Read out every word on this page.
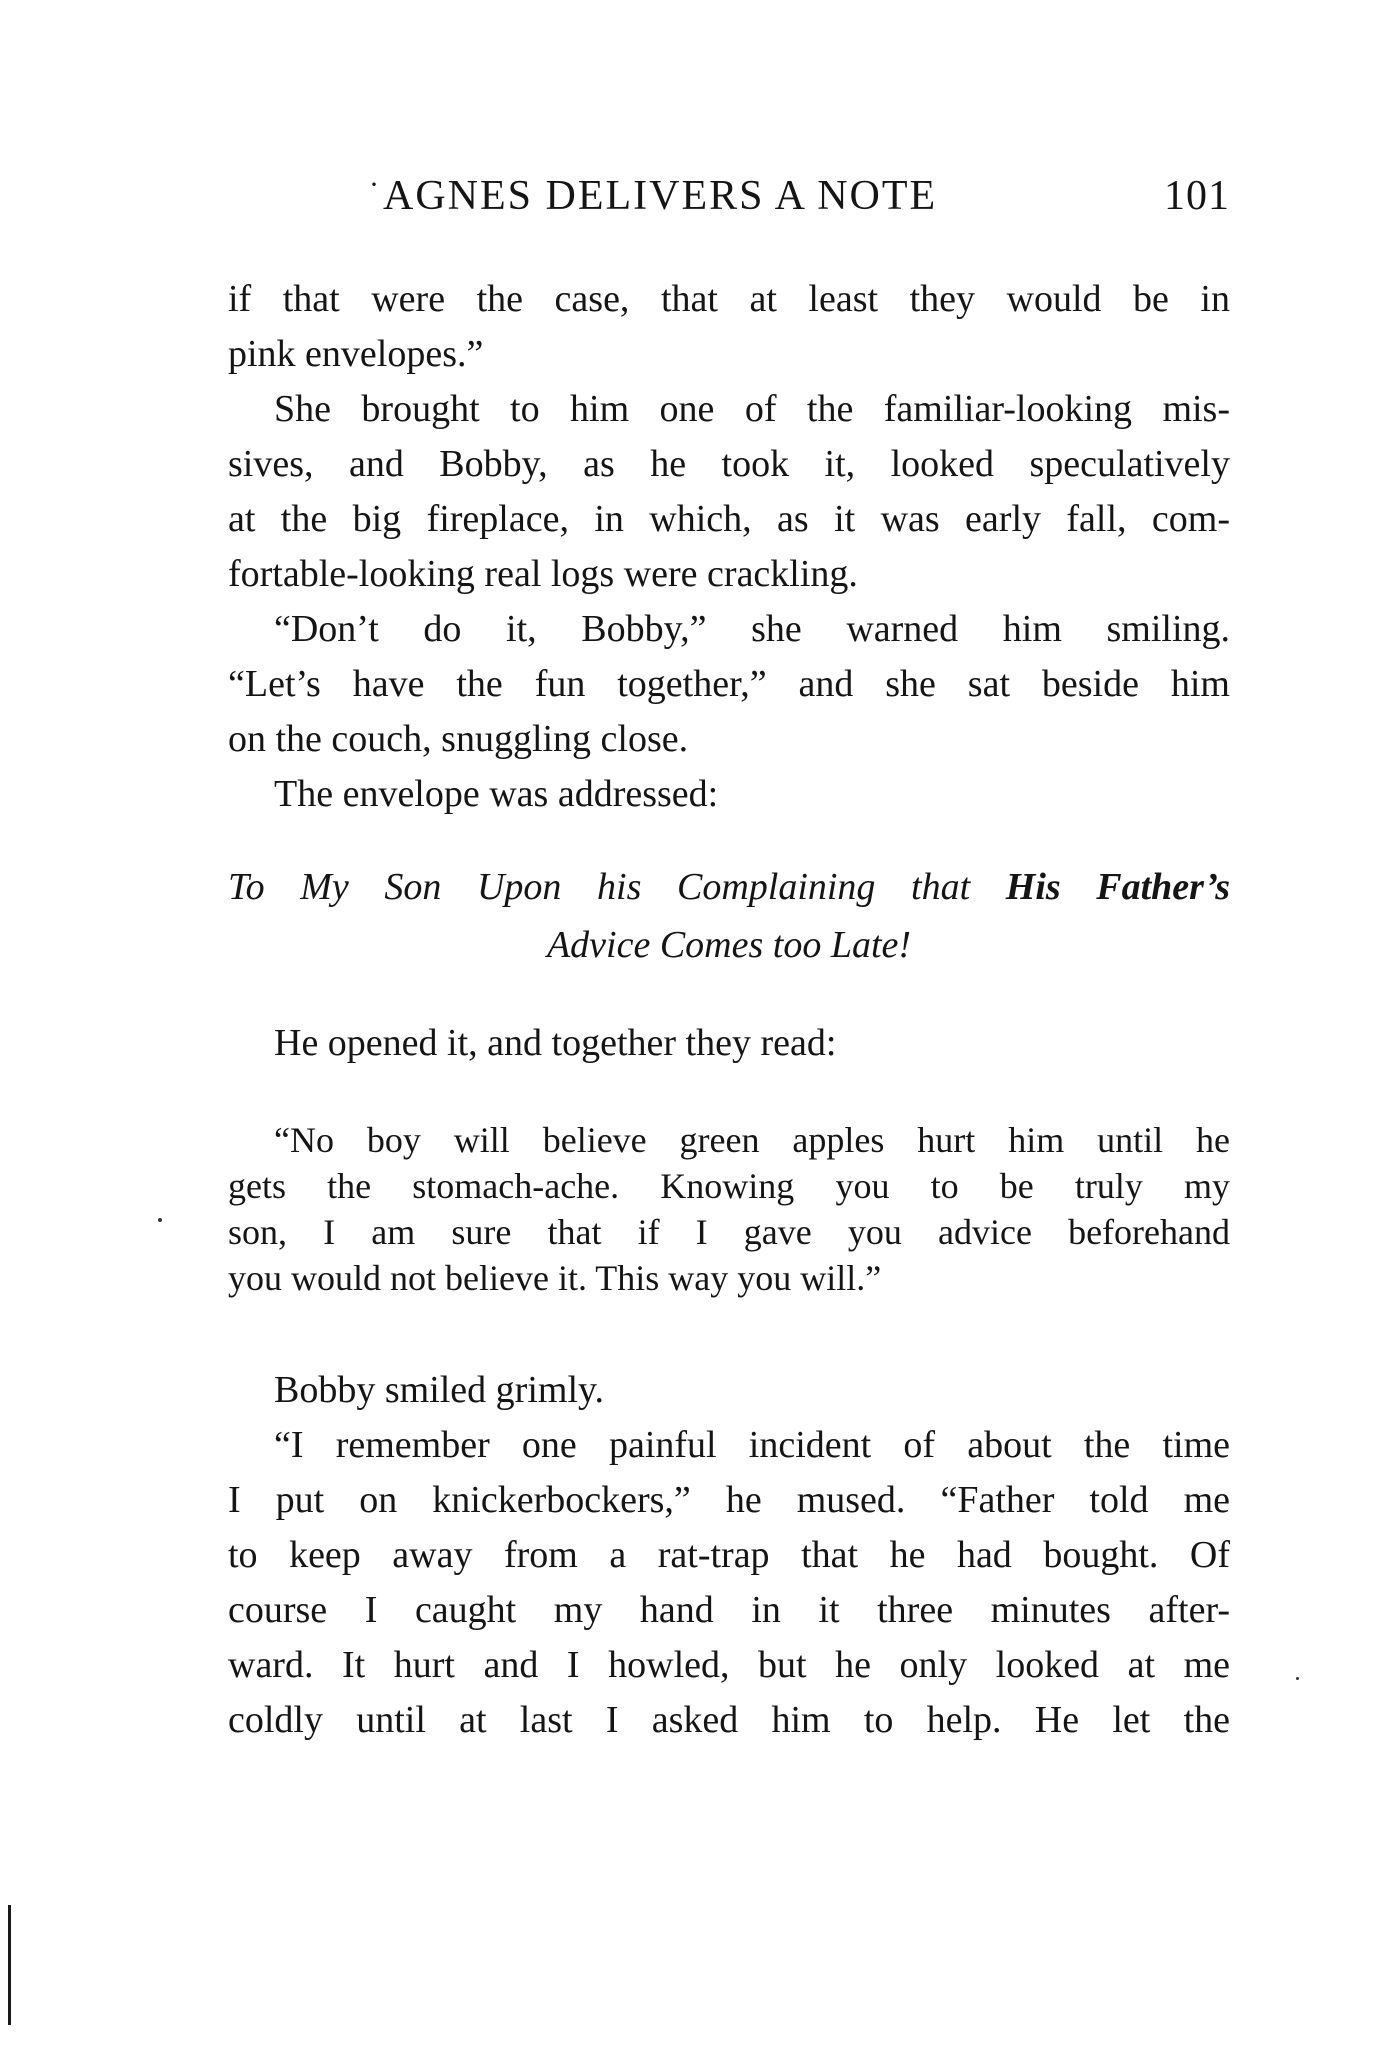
· AGNES DELIVERS A NOTE	101
if that were the case, that at least they would be in
pink envelopes.”
She brought to him one of the familiar-looking mis-
sives, and Bobby, as he took it, looked speculatively
at the big fireplace, in which, as it was early fall, com-
fortable-looking real logs were crackling.
“Don’t do it, Bobby,” she warned him smiling.
“Let’s have the fun together,” and she sat beside him
on the couch, snuggling close.
The envelope was addressed:
To My Son Upon his Complaining that His Father’s
Advice Comes too Late!
He opened it, and together they read:
“No boy will believe green apples hurt him until he
gets the stomach-ache. Knowing you to be truly my
son, I am sure that if I gave you advice beforehand
you would not believe it. This way you will.”
Bobby smiled grimly.
“I remember one painful incident of about the time
I put on knickerbockers,” he mused. “Father told me
to keep away from a rat-trap that he had bought. Of
course I caught my hand in it three minutes after-
ward. It hurt and I howled, but he only looked at me
coldly until at last I asked him to help. He let the
